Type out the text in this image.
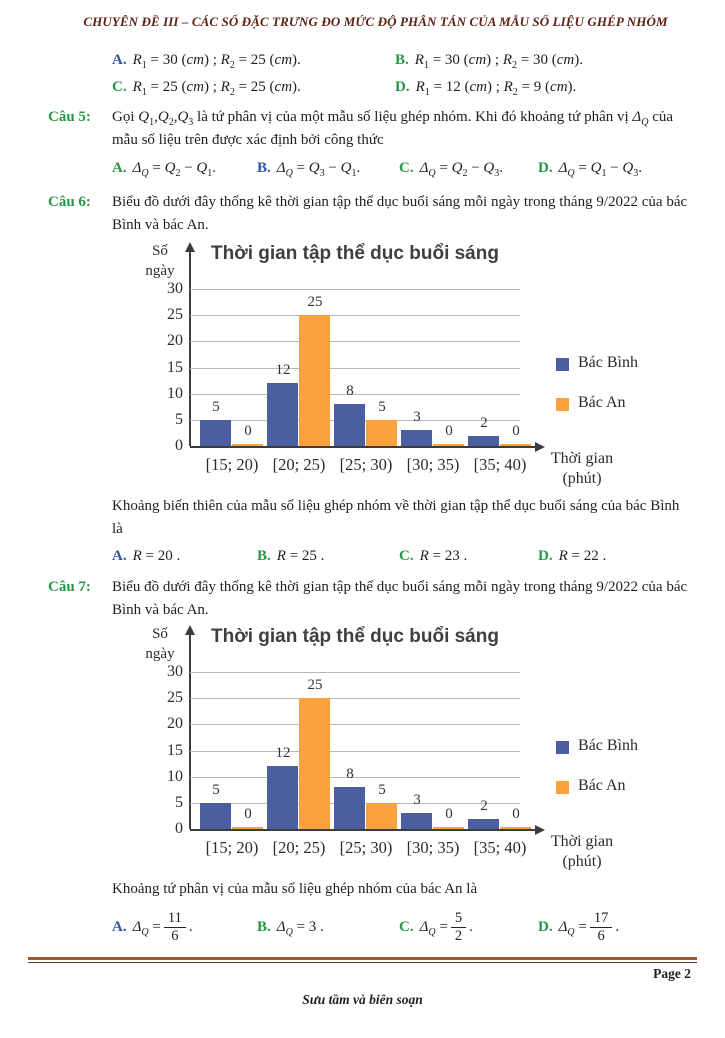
CHUYÊN ĐỀ III – CÁC SỐ ĐẶC TRƯNG ĐO MỨC ĐỘ PHÂN TÁN CỦA MẪU SỐ LIỆU GHÉP NHÓM
A. $R_1 = 30$ (cm) ; $R_2 = 25$ (cm).	B. $R_1 = 30$ (cm) ; $R_2 = 30$ (cm).
C. $R_1 = 25$ (cm) ; $R_2 = 25$ (cm).	D. $R_1 = 12$ (cm) ; $R_2 = 9$ (cm).
Câu 5:	Gọi $Q_1,Q_2,Q_3$ là tứ phân vị của một mẫu số liệu ghép nhóm. Khi đó khoảng tứ phân vị $\Delta_Q$ của mẫu số liệu trên được xác định bởi công thức
A. $\Delta_Q = Q_2 - Q_1$.	B. $\Delta_Q = Q_3 - Q_1$.	C. $\Delta_Q = Q_2 - Q_3$. D. $\Delta_Q = Q_1 - Q_3$.
Câu 6:	Biểu đồ dưới đây thống kê thời gian tập thể dục buổi sáng mỗi ngày trong tháng 9/2022 của bác Bình và bác An.
Thời gian tập thể dục buổi sáng
Số
ngày
0
5
10
15
20
25
30
5
0
[15; 20)
12
25
[20; 25)
8
5
[25; 30)
3
0
[30; 35)
2
0
[35; 40)	Thời gian
(phút)
Bác Bình
Bác An
Khoảng biến thiên của mẫu số liệu ghép nhóm về thời gian tập thể dục buổi sáng của bác Bình là
A. R = 20 .	B. R = 25 .	C. R = 23 .	D. R = 22 .
Câu 7:	Biểu đồ dưới đây thống kê thời gian tập thể dục buổi sáng mỗi ngày trong tháng 9/2022 của bác Bình và bác An.
Thời gian tập thể dục buổi sáng
Số
ngày
0
5
10
15
20
25
30
5
0
[15; 20)
12
25
[20; 25)
8
5
[25; 30)
3
0
[30; 35)
2
0
[35; 40)	Thời gian
(phút)
Bác Bình
Bác An
Khoảng tứ phân vị của mẫu số liệu ghép nhóm của bác An là
A. $\Delta_Q = \frac{11}{6}$ .	B. $\Delta_Q = 3$ .	C. $\Delta_Q = \frac{5}{2}$ .	D. $\Delta_Q = \frac{17}{6}$ .
Page 2
Sưu tầm và biên soạn
